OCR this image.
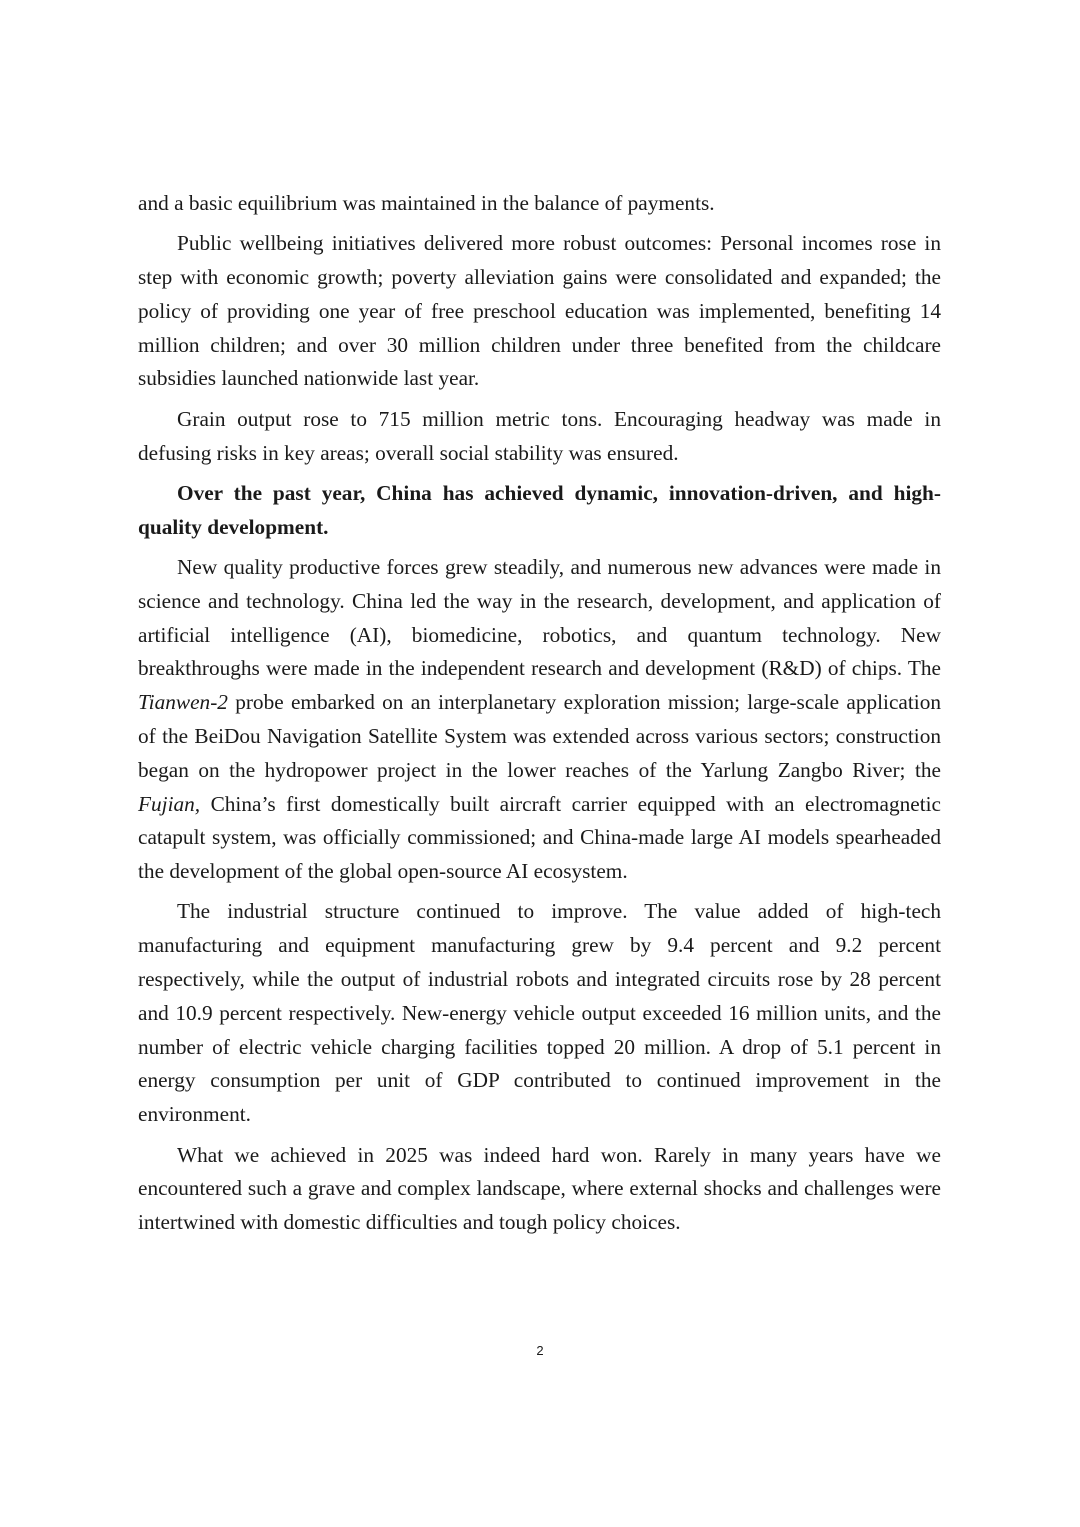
and a basic equilibrium was maintained in the balance of payments.

Public wellbeing initiatives delivered more robust outcomes: Personal incomes rose in step with economic growth; poverty alleviation gains were consolidated and expanded; the policy of providing one year of free preschool education was implemented, benefiting 14 million children; and over 30 million children under three benefited from the childcare subsidies launched nationwide last year.

Grain output rose to 715 million metric tons. Encouraging headway was made in defusing risks in key areas; overall social stability was ensured.

Over the past year, China has achieved dynamic, innovation-driven, and high-quality development.

New quality productive forces grew steadily, and numerous new advances were made in science and technology. China led the way in the research, development, and application of artificial intelligence (AI), biomedicine, robotics, and quantum technology. New breakthroughs were made in the independent research and development (R&D) of chips. The Tianwen-2 probe embarked on an interplanetary exploration mission; large-scale application of the BeiDou Navigation Satellite System was extended across various sectors; construction began on the hydropower project in the lower reaches of the Yarlung Zangbo River; the Fujian, China’s first domestically built aircraft carrier equipped with an electromagnetic catapult system, was officially commissioned; and China-made large AI models spearheaded the development of the global open-source AI ecosystem.

The industrial structure continued to improve. The value added of high-tech manufacturing and equipment manufacturing grew by 9.4 percent and 9.2 percent respectively, while the output of industrial robots and integrated circuits rose by 28 percent and 10.9 percent respectively. New-energy vehicle output exceeded 16 million units, and the number of electric vehicle charging facilities topped 20 million. A drop of 5.1 percent in energy consumption per unit of GDP contributed to continued improvement in the environment.

What we achieved in 2025 was indeed hard won. Rarely in many years have we encountered such a grave and complex landscape, where external shocks and challenges were intertwined with domestic difficulties and tough policy choices.

2
